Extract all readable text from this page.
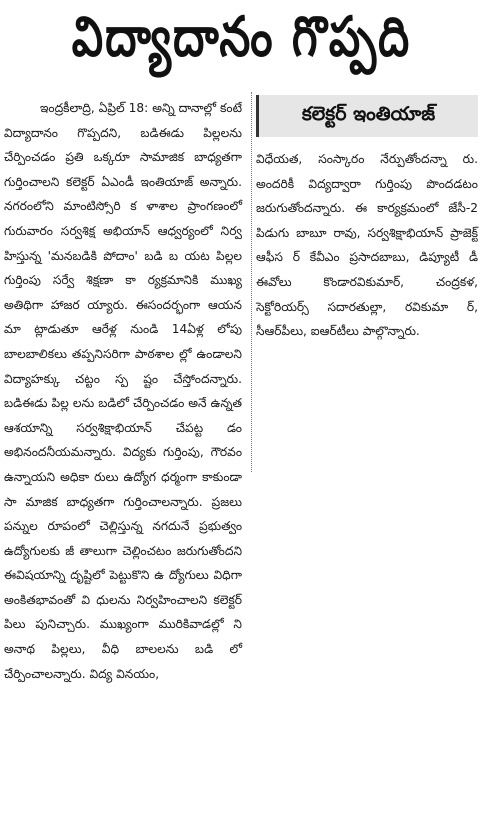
విద్యాదానం గొప్పది

ఇంద్రకీలాద్రి, ఏప్రిల్ 18: అన్ని దానాల్లో కంటే విద్యాదానం గొప్పదని, బడిఈడు పిల్లలను చేర్పించడం ప్రతి ఒక్కరూ సామాజిక బాధ్యతగా గుర్తించాలని కలెక్టర్ ఏఎండీ ఇంతియాజ్ అన్నారు. నగరంలోని మాంటిస్సోరి క ళాశాల ప్రాంగణంలో గురువారం సర్వశిక్ష అభియాన్ ఆధ్వర్యంలో నిర్వ హిస్తున్న 'మనబడికి పోదాం' బడి బ యట పిల్లల గుర్తింపు సర్వే శిక్షణా కా ర్యక్రమానికి ముఖ్య అతిథిగా హాజర య్యారు. ఈసందర్భంగా ఆయన మా ట్లాడుతూ ఆరేళ్ల నుండి 14ఏళ్ల లోపు బాలబాలికలు తప్పనిసరిగా పాఠశాల ల్లో ఉండాలని విద్యాహక్కు చట్టం స్ప ష్టం చేస్తోందన్నారు. బడిఈడు పిల్ల లను బడిలో చేర్పించడం అనే ఉన్నత ఆశయాన్ని సర్వశిక్షాభియాన్ చేపట్ట డం అభినందనీయమన్నారు. విద్యకు గుర్తింపు, గౌరవం ఉన్నాయని అధికా రులు ఉద్యోగ ధర్మంగా కాకుండా సా మాజిక బాధ్యతగా గుర్తించాలన్నారు. ప్రజలు పన్నుల రూపంలో చెల్లిస్తున్న నగదునే ప్రభుత్వం ఉద్యోగులకు జీ తాలుగా చెల్లించటం జరుగుతోందని ఈవిషయాన్ని దృష్టిలో పెట్టుకొని ఉ ద్యోగులు విధిగా అంకితభావంతో వి ధులను నిర్వహించాలని కలెక్టర్ పిలు పునిచ్చారు. ముఖ్యంగా మురికివాడల్లో ని అనాథ పిల్లలు, వీధి బాలలను బడి లో చేర్పించాలన్నారు. విద్య వినయం,

కలెక్టర్ ఇంతియాజ్

విధేయత, సంస్కారం నేర్పుతోందన్నా రు. అందరికీ విద్యద్వారా గుర్తింపు పొందడటం జరుగుతోందన్నారు. ఈ కార్యక్రమంలో జేసీ-2 పిడుగు బాబూ రావు, సర్వశిక్షాభియాన్ ప్రాజెక్ట్ ఆఫీస ర్ కేవీఎం ప్రసాదబాబు, డిప్యూటీ డీ ఈవోలు కొండారవికుమార్, చంద్రకళ, సెక్టోరియర్స్ సదారతుల్లా, రవికుమా ర్, సీఆర్‌పీలు, ఐఆర్‌టీలు పాల్గొన్నారు.
